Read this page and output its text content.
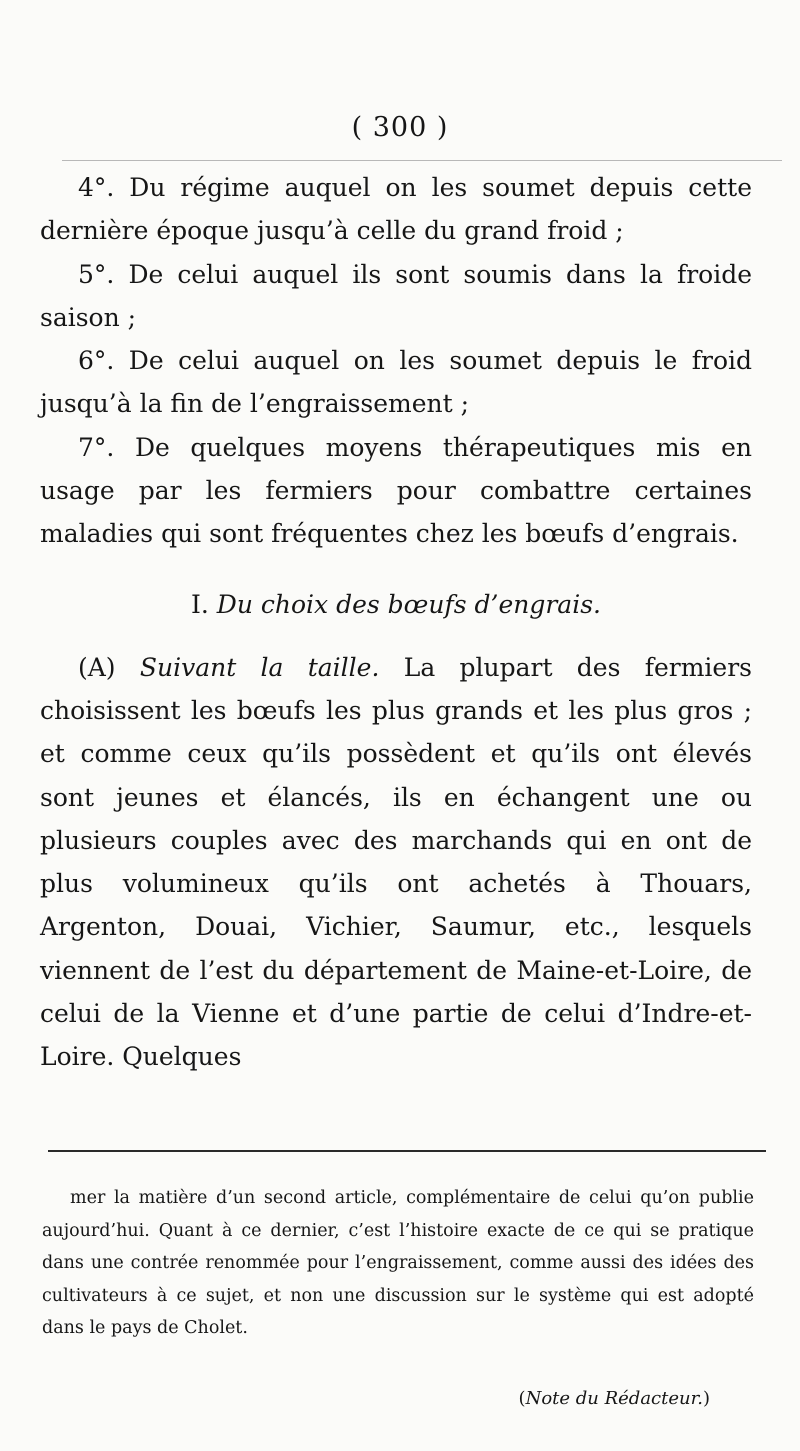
( 300 )

4°. Du régime auquel on les soumet depuis cette dernière époque jusqu’à celle du grand froid ;

5°. De celui auquel ils sont soumis dans la froide saison ;

6°. De celui auquel on les soumet depuis le froid jusqu’à la fin de l’engraissement ;

7°. De quelques moyens thérapeutiques mis en usage par les fermiers pour combattre certaines maladies qui sont fréquentes chez les bœufs d’engrais.

I. Du choix des bœufs d’engrais.

(A) Suivant la taille. La plupart des fermiers choisissent les bœufs les plus grands et les plus gros ; et comme ceux qu’ils possèdent et qu’ils ont élevés sont jeunes et élancés, ils en échangent une ou plusieurs couples avec des marchands qui en ont de plus volumineux qu’ils ont achetés à Thouars, Argenton, Douai, Vichier, Saumur, etc., lesquels viennent de l’est du département de Maine-et-Loire, de celui de la Vienne et d’une partie de celui d’Indre-et-Loire. Quelques

mer la matière d’un second article, complémentaire de celui qu’on publie aujourd’hui. Quant à ce dernier, c’est l’histoire exacte de ce qui se pratique dans une contrée renommée pour l’engraissement, comme aussi des idées des cultivateurs à ce sujet, et non une discussion sur le système qui est adopté dans le pays de Cholet.
(Note du Rédacteur.)
